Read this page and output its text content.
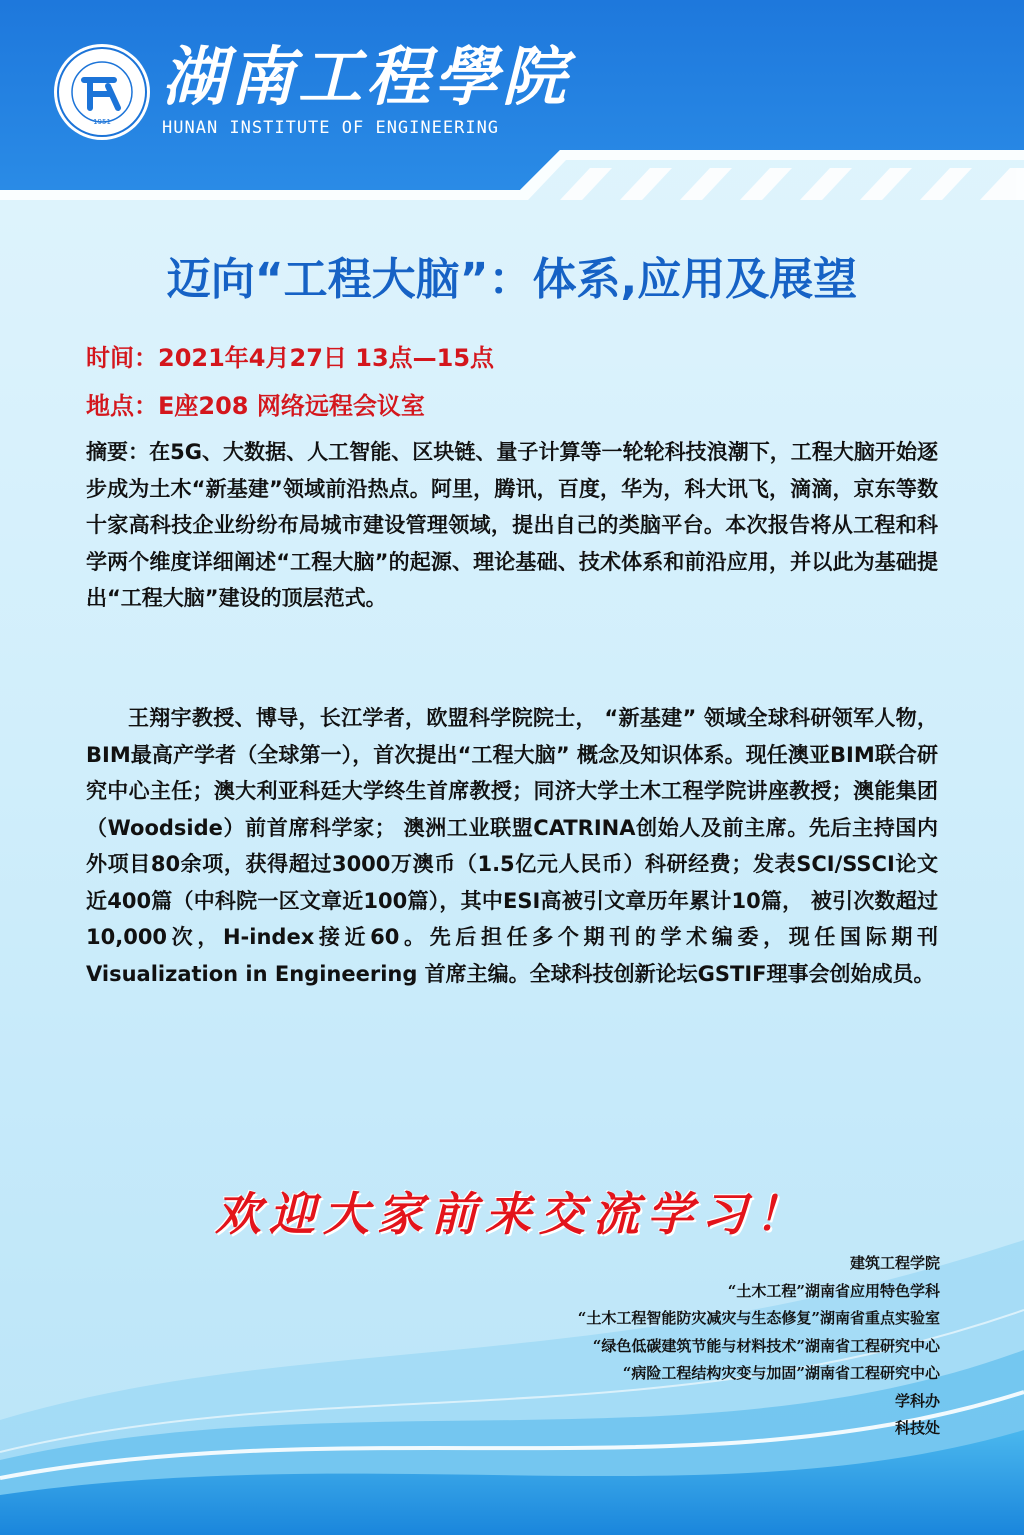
1951
湖南工程學院
HUNAN INSTITUTE OF ENGINEERING
迈向“工程大脑”：体系,应用及展望
时间：2021年4月27日 13点—15点
地点：E座208 网络远程会议室

摘要：在5G、大数据、人工智能、区块链、量子计算等一轮轮科技浪潮下，工程大脑开始逐步成为土木“新基建”领域前沿热点。阿里，腾讯，百度，华为，科大讯飞，滴滴，京东等数十家高科技企业纷纷布局城市建设管理领域，提出自己的类脑平台。本次报告将从工程和科学两个维度详细阐述“工程大脑”的起源、理论基础、技术体系和前沿应用，并以此为基础提出“工程大脑”建设的顶层范式。

王翔宇教授、博导，长江学者，欧盟科学院院士， “新基建” 领域全球科研领军人物， BIM最高产学者（全球第一），首次提出“工程大脑” 概念及知识体系。现任澳亚BIM联合研究中心主任；澳大利亚科廷大学终生首席教授；同济大学土木工程学院讲座教授；澳能集团（Woodside）前首席科学家； 澳洲工业联盟CATRINA创始人及前主席。先后主持国内外项目80余项，获得超过3000万澳币（1.5亿元人民币）科研经费；发表SCI/SSCI论文近400篇（中科院一区文章近100篇），其中ESI高被引文章历年累计10篇， 被引次数超过10,000次，H-index接近60。先后担任多个期刊的学术编委，现任国际期刊Visualization in Engineering 首席主编。全球科技创新论坛GSTIF理事会创始成员。

欢迎大家前来交流学习！
建筑工程学院
“土木工程”湖南省应用特色学科
“土木工程智能防灾减灾与生态修复”湖南省重点实验室
“绿色低碳建筑节能与材料技术”湖南省工程研究中心
“病险工程结构灾变与加固”湖南省工程研究中心
学科办
科技处
